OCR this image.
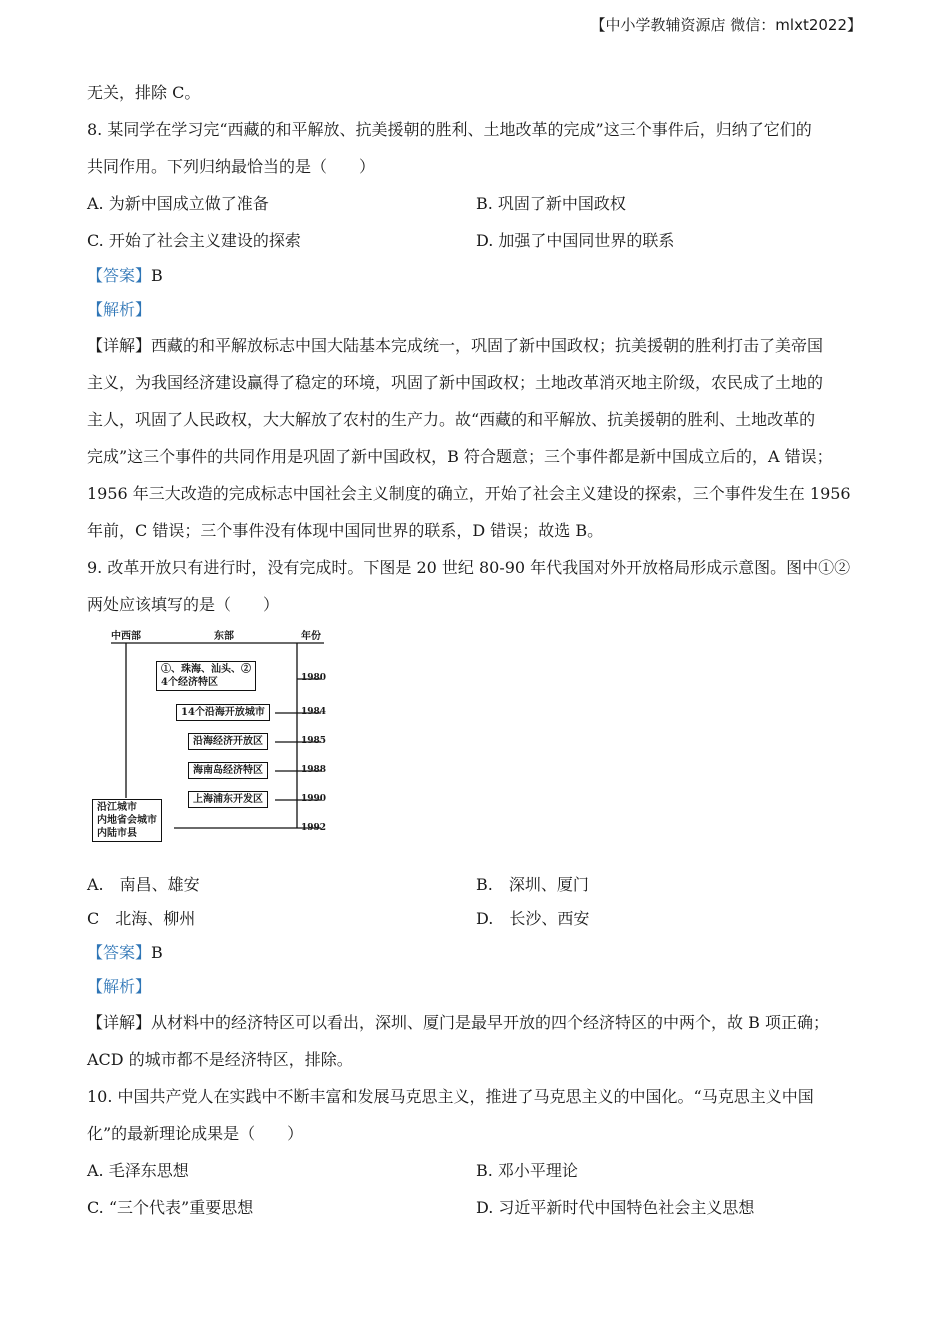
【中小学教辅资源店 微信：mlxt2022】
无关，排除 C。
8. 某同学在学习完“西藏的和平解放、抗美援朝的胜利、土地改革的完成”这三个事件后，归纳了它们的
共同作用。下列归纳最恰当的是（　　）
A. 为新中国成立做了准备	B. 巩固了新中国政权
C. 开始了社会主义建设的探索	D. 加强了中国同世界的联系
【答案】B
【解析】
【详解】西藏的和平解放标志中国大陆基本完成统一，巩固了新中国政权；抗美援朝的胜利打击了美帝国
主义，为我国经济建设赢得了稳定的环境，巩固了新中国政权；土地改革消灭地主阶级，农民成了土地的
主人，巩固了人民政权，大大解放了农村的生产力。故“西藏的和平解放、抗美援朝的胜利、土地改革的
完成”这三个事件的共同作用是巩固了新中国政权，B 符合题意；三个事件都是新中国成立后的，A 错误；
1956 年三大改造的完成标志中国社会主义制度的确立，开始了社会主义建设的探索，三个事件发生在 1956
年前，C 错误；三个事件没有体现中国同世界的联系，D 错误；故选 B。
9. 改革开放只有进行时，没有完成时。下图是 20 世纪 80-90 年代我国对外开放格局形成示意图。图中①②
两处应该填写的是（　　）
中西部	东部	年份
①、珠海、汕头、②
4个经济特区
14个沿海开放城市
沿海经济开放区
海南岛经济特区
上海浦东开发区
沿江城市
内地省会城市
内陆市县
1980
1984
1985
1988
1990
1992
A.　南昌、雄安	B.　深圳、厦门
C　北海、柳州	D.　长沙、西安
【答案】B
【解析】
【详解】从材料中的经济特区可以看出，深圳、厦门是最早开放的四个经济特区的中两个，故 B 项正确；
ACD 的城市都不是经济特区，排除。
10. 中国共产党人在实践中不断丰富和发展马克思主义，推进了马克思主义的中国化。“马克思主义中国
化”的最新理论成果是（　　）
A. 毛泽东思想	B. 邓小平理论
C. “三个代表”重要思想	D. 习近平新时代中国特色社会主义思想
